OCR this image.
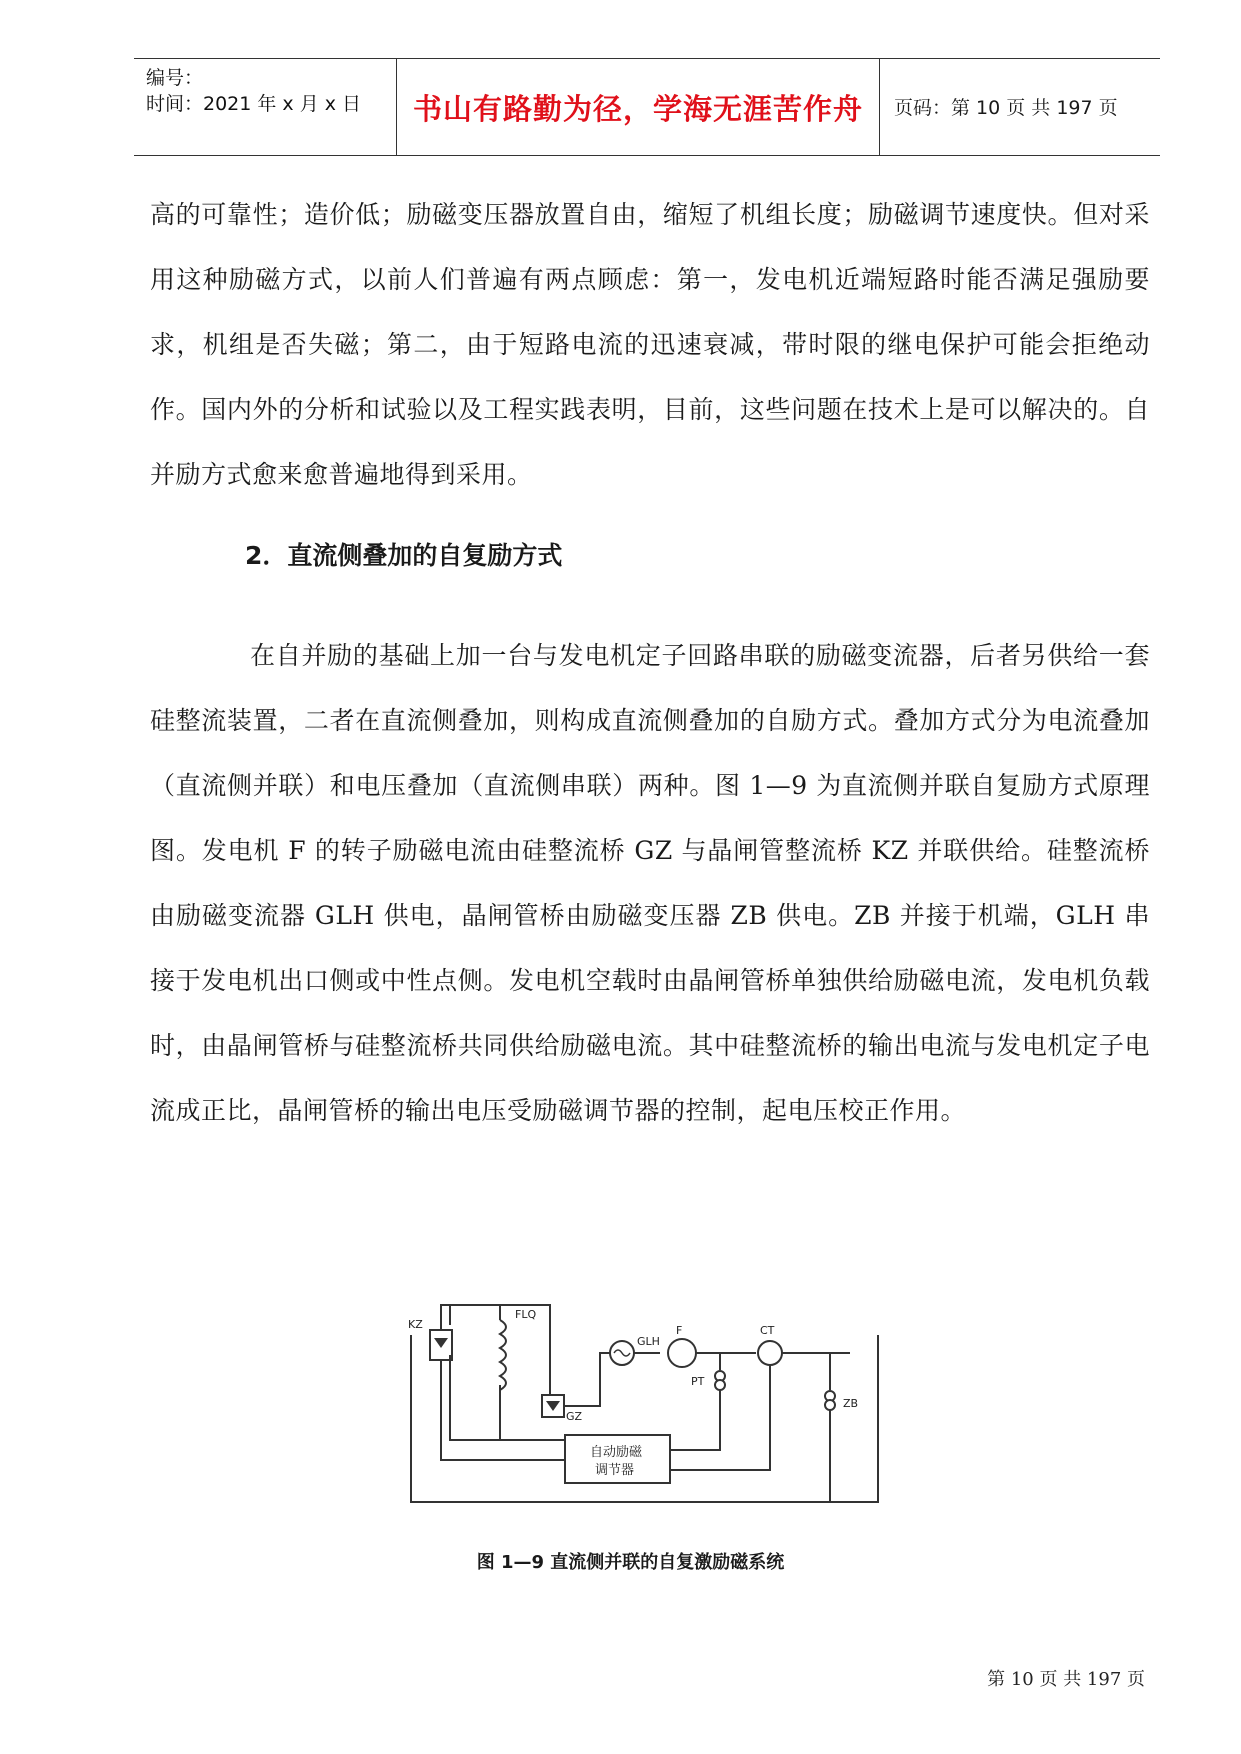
编号：
时间：2021 年 x 月 x 日	书山有路勤为径，学海无涯苦作舟	页码：第 10 页 共 197 页

高的可靠性；造价低；励磁变压器放置自由，缩短了机组长度；励磁调节速度快。但对采用这种励磁方式，以前人们普遍有两点顾虑：第一，发电机近端短路时能否满足强励要求，机组是否失磁；第二，由于短路电流的迅速衰减，带时限的继电保护可能会拒绝动作。国内外的分析和试验以及工程实践表明，目前，这些问题在技术上是可以解决的。自并励方式愈来愈普遍地得到采用。

2．直流侧叠加的自复励方式

在自并励的基础上加一台与发电机定子回路串联的励磁变流器，后者另供给一套硅整流装置，二者在直流侧叠加，则构成直流侧叠加的自励方式。叠加方式分为电流叠加（直流侧并联）和电压叠加（直流侧串联）两种。图 1—9 为直流侧并联自复励方式原理图。发电机 F 的转子励磁电流由硅整流桥 GZ 与晶闸管整流桥 KZ 并联供给。硅整流桥由励磁变流器 GLH 供电，晶闸管桥由励磁变压器 ZB 供电。ZB 并接于机端，GLH 串接于发电机出口侧或中性点侧。发电机空载时由晶闸管桥单独供给励磁电流，发电机负载时，由晶闸管桥与硅整流桥共同供给励磁电流。其中硅整流桥的输出电流与发电机定子电流成正比，晶闸管桥的输出电压受励磁调节器的控制，起电压校正作用。

FLQ
KZ
GLH
F	CT
PT
GZ
ZB
自动励磁
调节器

图 1—9 直流侧并联的自复激励磁系统

第 10 页 共 197 页
